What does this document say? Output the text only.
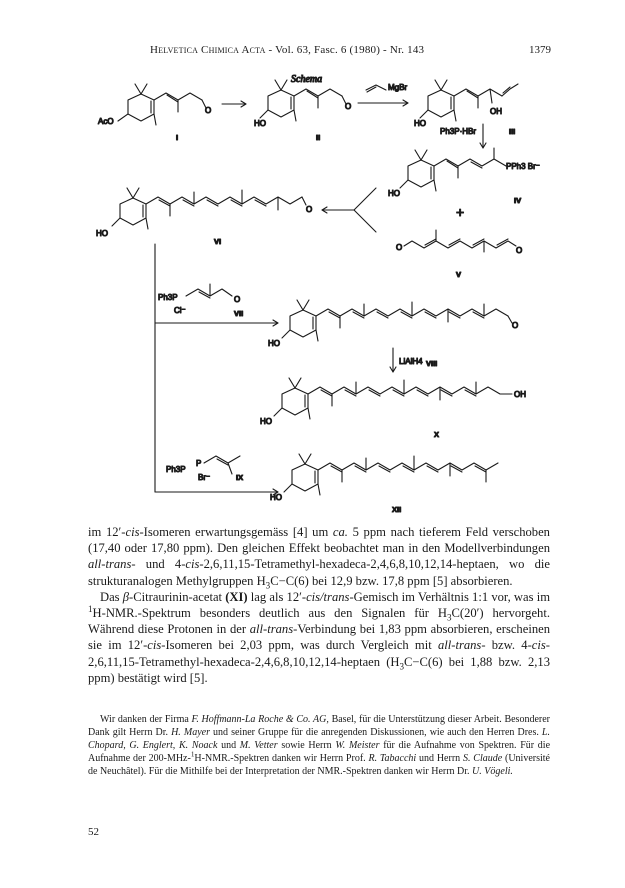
Helvetica Chimica Acta - Vol. 63, Fasc. 6 (1980) - Nr. 143	1379
Schema
AcO
O
I
HO
O
II
MgBr
HO
OH
III
Ph3P·HBr
PPh3 Br⁻
HO
IV
+
O	O
V
HO
O
VI
Ph3P
Cl⁻
O
VII
HO
O
VIII
LiAlH4
HO
OH
X
Ph3P
P
Br⁻	IX
HO
XII

im 12′-cis-Isomeren erwartungsgemäss [4] um ca. 5 ppm nach tieferem Feld verschoben (17,40 oder 17,80 ppm). Den gleichen Effekt beobachtet man in den Modellverbindungen all-trans- und 4-cis-2,6,11,15-Tetramethyl-hexadeca-2,4,6,8,10,12,14-heptaen, wo die strukturanalogen Methylgruppen $H_3C-C(6)$ bei 12,9 bzw. 17,8 ppm [5] absorbieren.

Das β-Citraurinin-acetat (XI) lag als 12′-cis/trans-Gemisch im Verhältnis 1:1 vor, was im $^1$H-NMR.-Spektrum besonders deutlich aus den Signalen für $H_3C(20')$ hervorgeht. Während diese Protonen in der all-trans-Verbindung bei 1,83 ppm absorbieren, erscheinen sie im 12′-cis-Isomeren bei 2,03 ppm, was durch Vergleich mit all-trans- bzw. 4-cis-2,6,11,15-Tetramethyl-hexadeca-2,4,6,8,10,12,14-heptaen ($H_3C-C(6)$ bei 1,88 bzw. 2,13 ppm) bestätigt wird [5].

Wir danken der Firma F. Hoffmann-La Roche & Co. AG, Basel, für die Unterstützung dieser Arbeit. Besonderer Dank gilt Herrn Dr. H. Mayer und seiner Gruppe für die anregenden Diskussionen, wie auch den Herren Dres. L. Chopard, G. Englert, K. Noack und M. Vetter sowie Herrn W. Meister für die Aufnahme von Spektren. Für die Aufnahme der 200-MHz-$^1$H-NMR.-Spektren danken wir Herrn Prof. R. Tabacchi und Herrn S. Claude (Université de Neuchâtel). Für die Mithilfe bei der Interpretation der NMR.-Spektren danken wir Herrn Dr. U. Vögeli.

52
